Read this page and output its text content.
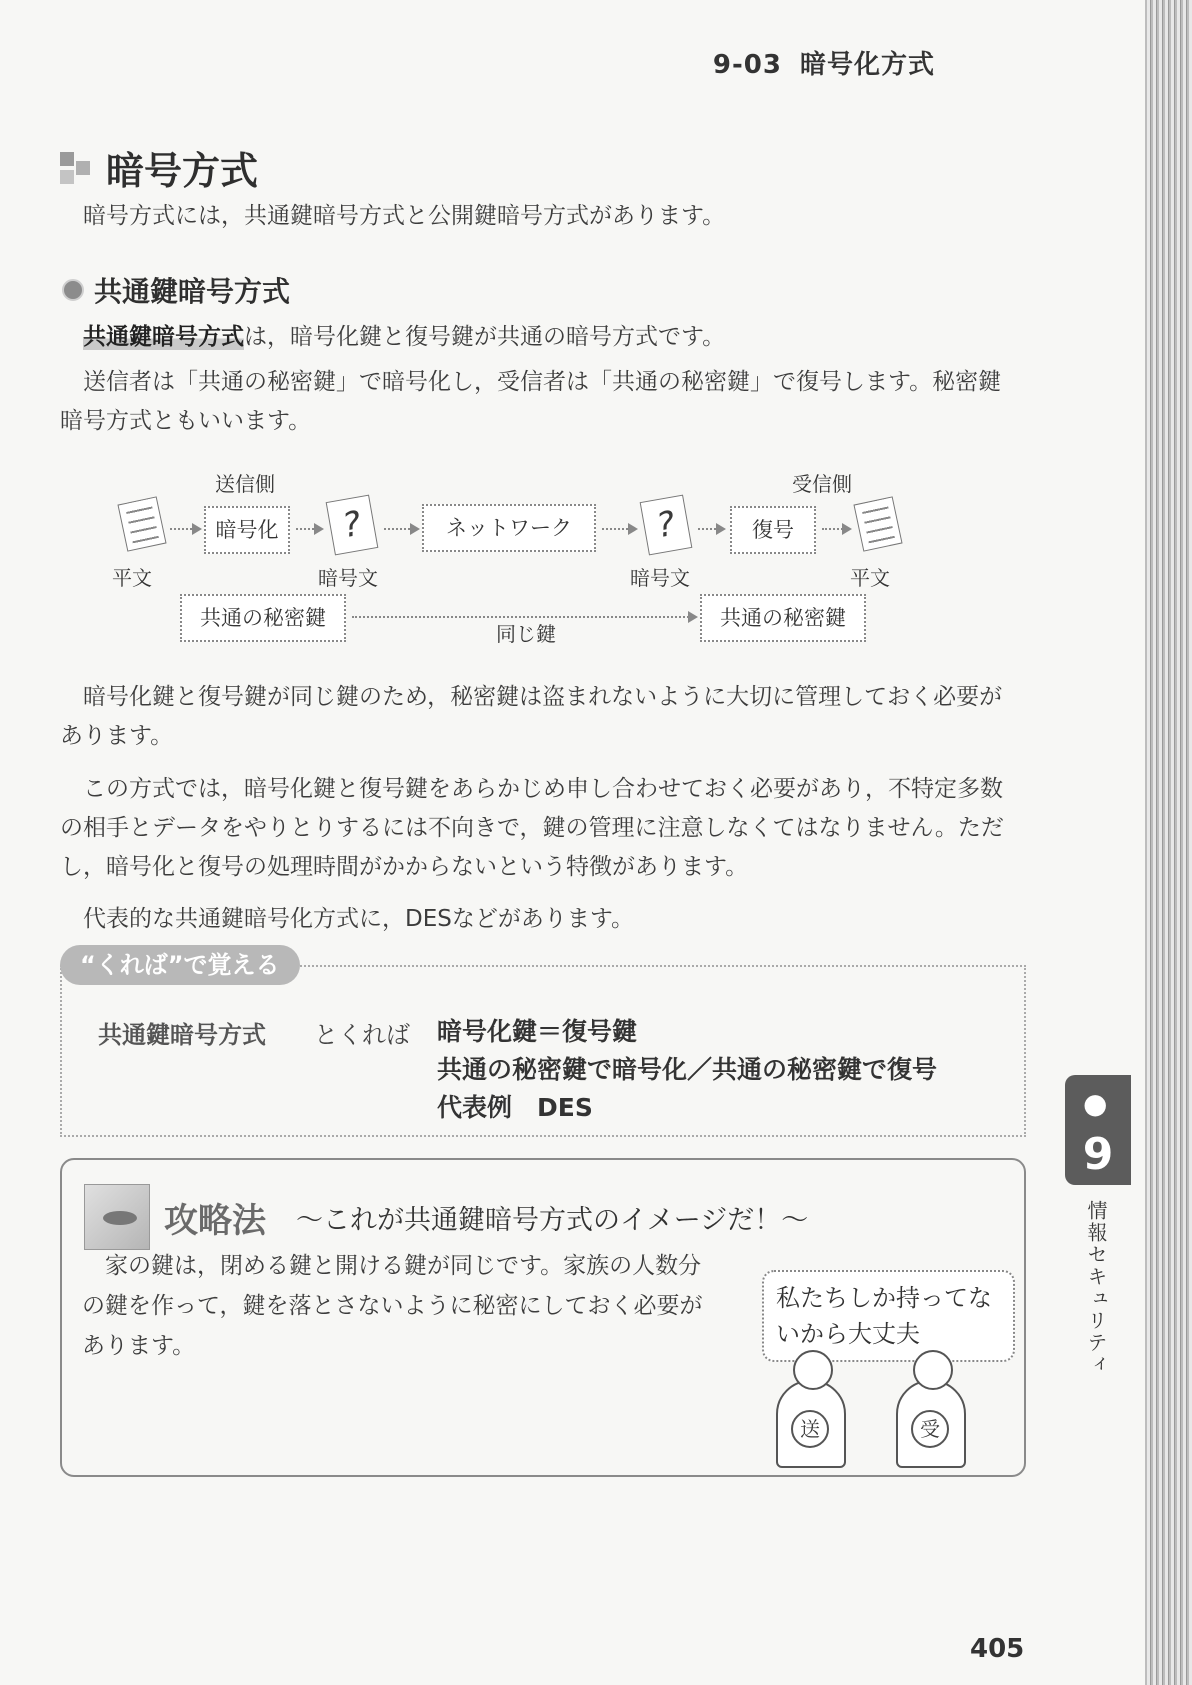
9-03 暗号化方式
暗号方式
暗号方式には，共通鍵暗号方式と公開鍵暗号方式があります。
共通鍵暗号方式
共通鍵暗号方式は，暗号化鍵と復号鍵が共通の暗号方式です。
送信者は「共通の秘密鍵」で暗号化し，受信者は「共通の秘密鍵」で復号します。秘密鍵暗号方式ともいいます。
送信側	受信側
暗号化	?	ネットワーク	?	復号
平文	暗号文	暗号文	平文
共通の秘密鍵
同じ鍵
共通の秘密鍵
暗号化鍵と復号鍵が同じ鍵のため，秘密鍵は盗まれないように大切に管理しておく必要があります。
この方式では，暗号化鍵と復号鍵をあらかじめ申し合わせておく必要があり，不特定多数の相手とデータをやりとりするには不向きで，鍵の管理に注意しなくてはなりません。ただし，暗号化と復号の処理時間がかからないという特徴があります。
代表的な共通鍵暗号化方式に，DESなどがあります。
“くれば”で覚える
共通鍵暗号方式 とくれば 暗号化鍵＝復号鍵
共通の秘密鍵で暗号化／共通の秘密鍵で復号
代表例　DES
攻略法 ～これが共通鍵暗号方式のイメージだ！～
家の鍵は，閉める鍵と開ける鍵が同じです。家族の人数分の鍵を作って，鍵を落とさないように秘密にしておく必要があります。
私たちしか持ってないから大丈夫
送	受
405
●
9
情報セキュリティ
